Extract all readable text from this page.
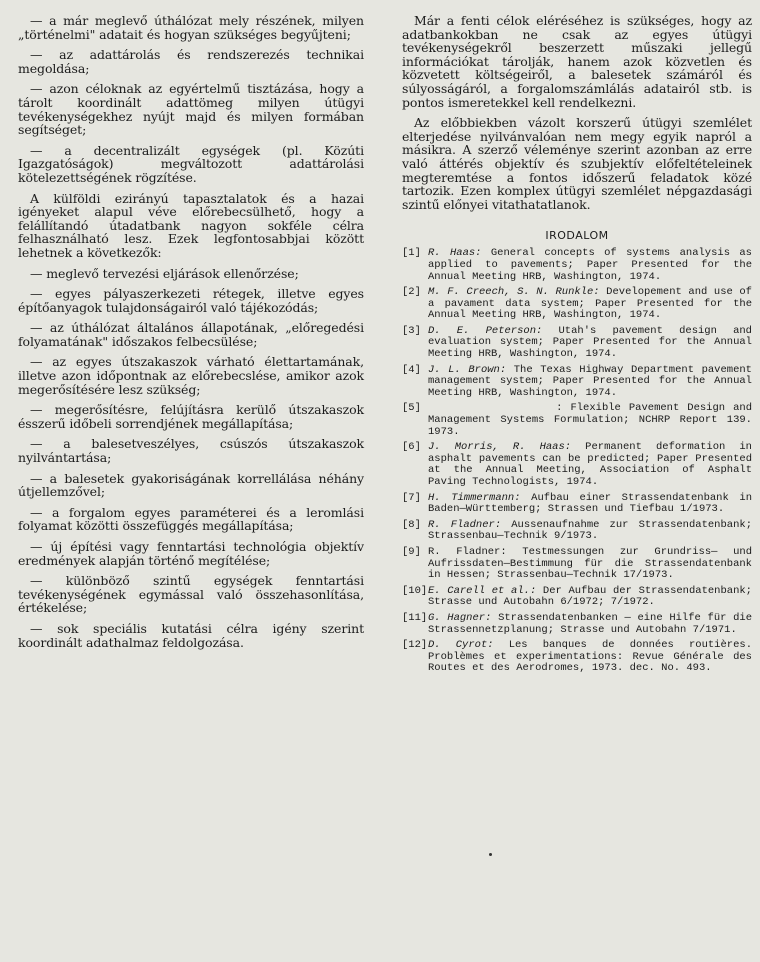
— a már meglevő úthálózat mely részének, milyen „történelmi" adatait és hogyan szükséges begyűjteni;

— az adattárolás és rendszerezés technikai megoldása;

— azon céloknak az egyértelmű tisztázása, hogy a tárolt koordinált adattömeg milyen útügyi tevékenységekhez nyújt majd és milyen formában segítséget;

— a decentralizált egységek (pl. Közúti Igazgatóságok) megváltozott adattárolási kötelezettségének rögzítése.

A külföldi ezirányú tapasztalatok és a hazai igényeket alapul véve előrebecsülhető, hogy a felállítandó útadatbank nagyon sokféle célra felhasználható lesz. Ezek legfontosabbjai között lehetnek a következők:

— meglevő tervezési eljárások ellenőrzése;

— egyes pályaszerkezeti rétegek, illetve egyes építőanyagok tulajdonságairól való tájékozódás;

— az úthálózat általános állapotának, „előregedési folyamatának" időszakos felbecsülése;

— az egyes útszakaszok várható élettartamának, illetve azon időpontnak az előrebecslése, amikor azok megerősítésére lesz szükség;

— megerősítésre, felújításra kerülő útszakaszok ésszerű időbeli sorrendjének megállapítása;

— a balesetveszélyes, csúszós útszakaszok nyilvántartása;

— a balesetek gyakoriságának korrellálása néhány útjellemzővel;

— a forgalom egyes paraméterei és a leromlási folyamat közötti összefüggés megállapítása;

— új építési vagy fenntartási technológia objektív eredmények alapján történő megítélése;

— különböző szintű egységek fenntartási tevékenységének egymással való összehasonlítása, értékelése;

— sok speciális kutatási célra igény szerint koordinált adathalmaz feldolgozása.

Már a fenti célok eléréséhez is szükséges, hogy az adatbankokban ne csak az egyes útügyi tevékenységekről beszerzett műszaki jellegű információkat tárolják, hanem azok közvetlen és közvetett költségeiről, a balesetek számáról és súlyosságáról, a forgalomszámlálás adatairól stb. is pontos ismeretekkel kell rendelkezni.

Az előbbiekben vázolt korszerű útügyi szemlélet elterjedése nyilvánvalóan nem megy egyik napról a másikra. A szerző véleménye szerint azonban az erre való áttérés objektív és szubjektív előfeltételeinek megteremtése a fontos időszerű feladatok közé tartozik. Ezen komplex útügyi szemlélet népgazdasági szintű előnyei vitathatatlanok.

IRODALOM
[1] R. Haas: General concepts of systems analysis as applied to pavements; Paper Presented for the Annual Meeting HRB, Washington, 1974.
[2] M. F. Creech, S. N. Runkle: Developement and use of a pavament data system; Paper Presented for the Annual Meeting HRB, Washington, 1974.
[3] D. E. Peterson: Utah's pavement design and evaluation system; Paper Presented for the Annual Meeting HRB, Washington, 1974.
[4] J. L. Brown: The Texas Highway Department pavement management system; Paper Presented for the Annual Meeting HRB, Washington, 1974.
[5] : Flexible Pavement Design and Management Systems Formulation; NCHRP Report 139. 1973.
[6] J. Morris, R. Haas: Permanent deformation in asphalt pavements can be predicted; Paper Presented at the Annual Meeting, Association of Asphalt Paving Technologists, 1974.
[7] H. Timmermann: Aufbau einer Strassendatenbank in Baden—Württemberg; Strassen und Tiefbau 1/1973.
[8] R. Fladner: Aussenaufnahme zur Strassendatenbank; Strassenbau—Technik 9/1973.
[9] R. Fladner: Testmessungen zur Grundriss— und Aufrissdaten—Bestimmung für die Strassendatenbank in Hessen; Strassenbau—Technik 17/1973.
[10] E. Carell et al.: Der Aufbau der Strassendatenbank; Strasse und Autobahn 6/1972; 7/1972.
[11] G. Hagner: Strassendatenbanken — eine Hilfe für die Strassennetzplanung; Strasse und Autobahn 7/1971.
[12] D. Cyrot: Les banques de données routières. Problèmes et experimentations: Revue Générale des Routes et des Aerodromes, 1973. dec. No. 493.
